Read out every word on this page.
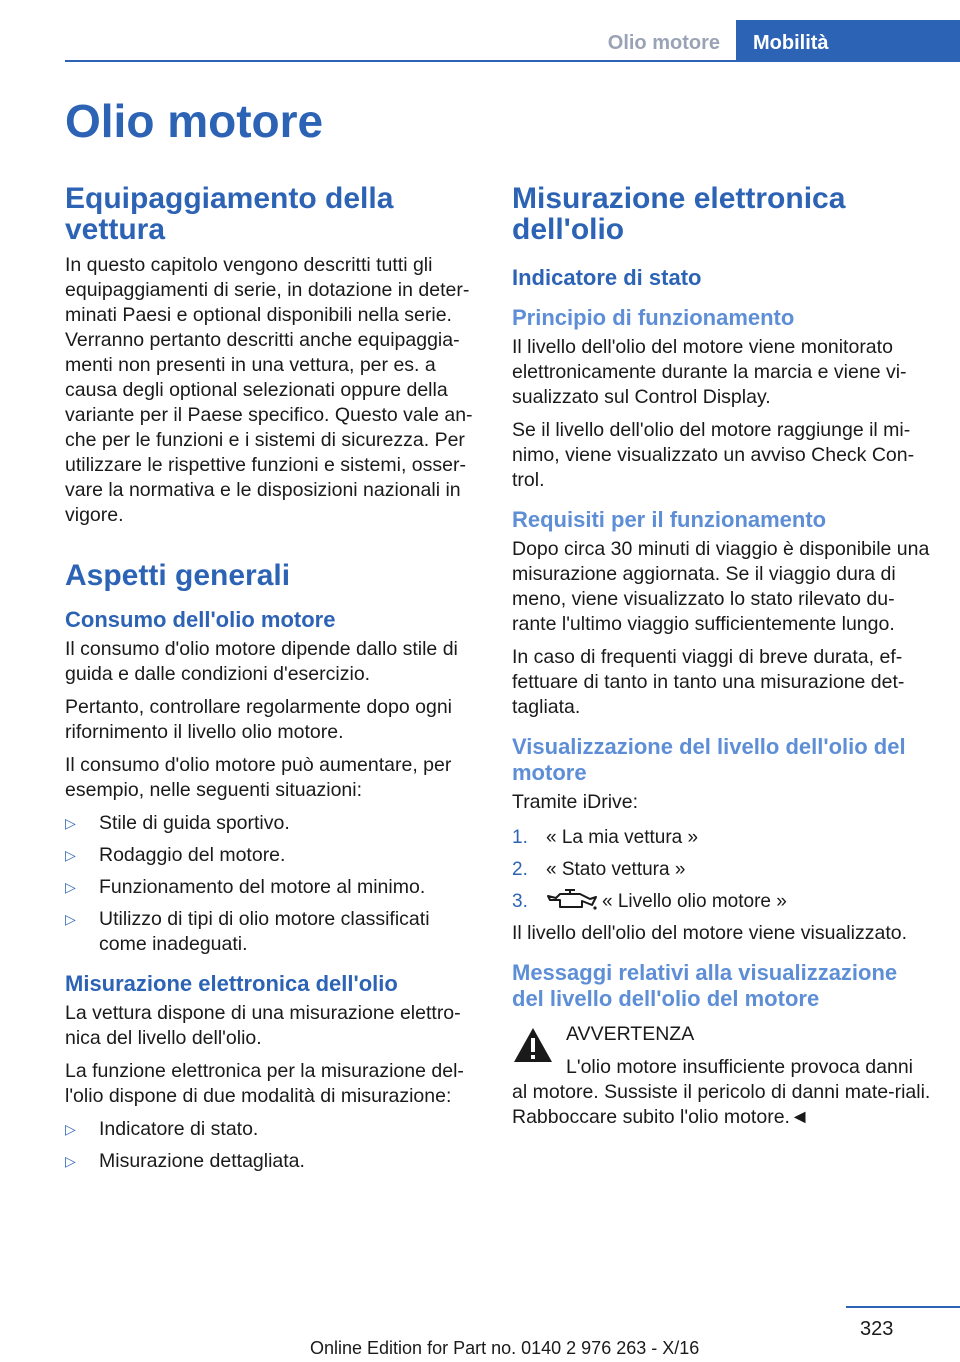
Olio motore	Mobilità
Olio motore
Equipaggiamento della vettura

In questo capitolo vengono descritti tutti gli equipaggiamenti di serie, in dotazione in deter-minati Paesi e optional disponibili nella serie. Verranno pertanto descritti anche equipaggia-menti non presenti in una vettura, per es. a causa degli optional selezionati oppure della variante per il Paese specifico. Questo vale an-che per le funzioni e i sistemi di sicurezza. Per utilizzare le rispettive funzioni e sistemi, osser-vare la normativa e le disposizioni nazionali in vigore.

Aspetti generali
Consumo dell'olio motore

Il consumo d'olio motore dipende dallo stile di guida e dalle condizioni d'esercizio.

Pertanto, controllare regolarmente dopo ogni rifornimento il livello olio motore.

Il consumo d'olio motore può aumentare, per esempio, nelle seguenti situazioni:

▷ Stile di guida sportivo.
▷ Rodaggio del motore.
▷ Funzionamento del motore al minimo.
▷ Utilizzo di tipi di olio motore classificati come inadeguati.
Misurazione elettronica dell'olio

La vettura dispone di una misurazione elettro-nica del livello dell'olio.

La funzione elettronica per la misurazione del-l'olio dispone di due modalità di misurazione:

▷ Indicatore di stato.
▷ Misurazione dettagliata.
Misurazione elettronica dell'olio
Indicatore di stato
Principio di funzionamento

Il livello dell'olio del motore viene monitorato elettronicamente durante la marcia e viene vi-sualizzato sul Control Display.

Se il livello dell'olio del motore raggiunge il mi-nimo, viene visualizzato un avviso Check Con-trol.

Requisiti per il funzionamento

Dopo circa 30 minuti di viaggio è disponibile una misurazione aggiornata. Se il viaggio dura di meno, viene visualizzato lo stato rilevato du-rante l'ultimo viaggio sufficientemente lungo.

In caso di frequenti viaggi di breve durata, ef-fettuare di tanto in tanto una misurazione det-tagliata.

Visualizzazione del livello dell'olio del motore

Tramite iDrive:

1. « La mia vettura »
2. « Stato vettura »
3.	« Livello olio motore »

Il livello dell'olio del motore viene visualizzato.

Messaggi relativi alla visualizzazione del livello dell'olio del motore

AVVERTENZA

L'olio motore insufficiente provoca danni al motore. Sussiste il pericolo di danni mate-riali. Rabboccare subito l'olio motore.◄

323
Online Edition for Part no. 0140 2 976 263 - X/16
